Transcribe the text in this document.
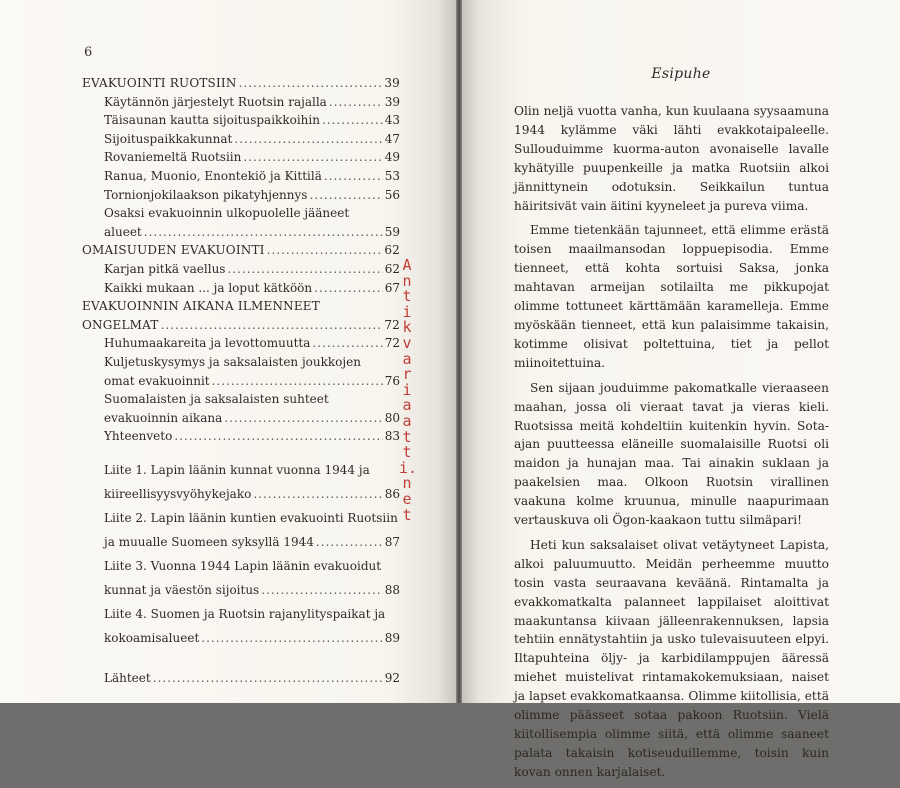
6
EVAKUOINTI RUOTSIIN .....	39
Käytännön järjestelyt Ruotsin rajalla .....	39
Täisaunan kautta sijoituspaikkoihin .....	43
Sijoituspaikkakunnat .....	47
Rovaniemeltä Ruotsiin .....	49
Ranua, Muonio, Enontekiö ja Kittilä .....	53
Tornionjokilaakson pikatyhjennys .....	56
Osaksi evakuoinnin ulkopuolelle jääneet
alueet .....	59
OMAISUUDEN EVAKUOINTI .....	62
Karjan pitkä vaellus .....	62
Kaikki mukaan ... ja loput kätköön .....	67
EVAKUOINNIN AIKANA ILMENNEET
ONGELMAT .....	72
Huhumaakareita ja levottomuutta .....	72
Kuljetuskysymys ja saksalaisten joukkojen
omat evakuoinnit .....	76
Suomalaisten ja saksalaisten suhteet
evakuoinnin aikana .....	80
Yhteenveto .....	83
Liite 1. Lapin läänin kunnat vuonna 1944 ja
kiireellisyysvyöhykejako .....	86
Liite 2. Lapin läänin kuntien evakuointi Ruotsiin
ja muualle Suomeen syksyllä 1944 .....	87
Liite 3. Vuonna 1944 Lapin läänin evakuoidut
kunnat ja väestön sijoitus .....	88
Liite 4. Suomen ja Ruotsin rajanylityspaikat ja
kokoamisalueet .....	89
Lähteet .....	92
Antikvariaatti.net
Esipuhe

Olin neljä vuotta vanha, kun kuulaana syysaamuna 1944 kylämme väki lähti evakkotaipaleelle. Sullouduimme kuorma-auton avonaiselle lavalle kyhätyille puupenkeille ja matka Ruotsiin alkoi jännittynein odotuksin. Seikkailun tuntua häiritsivät vain äitini kyyneleet ja pureva viima.

Emme tietenkään tajunneet, että elimme erästä toisen maailmansodan loppuepisodia. Emme tienneet, että kohta sortuisi Saksa, jonka mahtavan armeijan sotilailta me pikkupojat olimme tottuneet kärttämään karamelleja. Emme myöskään tienneet, että kun palaisimme takaisin, kotimme olisivat poltettuina, tiet ja pellot miinoitettuina.

Sen sijaan jouduimme pakomatkalle vieraaseen maahan, jossa oli vieraat tavat ja vieras kieli. Ruotsissa meitä kohdeltiin kuitenkin hyvin. Sota-ajan puutteessa eläneille suomalaisille Ruotsi oli maidon ja hunajan maa. Tai ainakin suklaan ja paakelsien maa. Olkoon Ruotsin virallinen vaakuna kolme kruunua, minulle naapurimaan vertauskuva oli Ögon-kaakaon tuttu silmäpari!

Heti kun saksalaiset olivat vetäytyneet Lapista, alkoi paluumuutto. Meidän perheemme muutto tosin vasta seuraavana keväänä. Rintamalta ja evakkomatkalta palanneet lappilaiset aloittivat maakuntansa kiivaan jälleenrakennuksen, lapsia tehtiin ennätystahtiin ja usko tulevaisuuteen elpyi. Iltapuhteina öljy- ja karbidilamppujen ääressä miehet muistelivat rintamakokemuksiaan, naiset ja lapset evakkomatkaansa. Olimme kiitollisia, että olimme päässeet sotaa pakoon Ruotsiin. Vielä kiitollisempia olimme siitä, että olimme saaneet palata takaisin kotiseuduillemme, toisin kuin kovan onnen karjalaiset.
